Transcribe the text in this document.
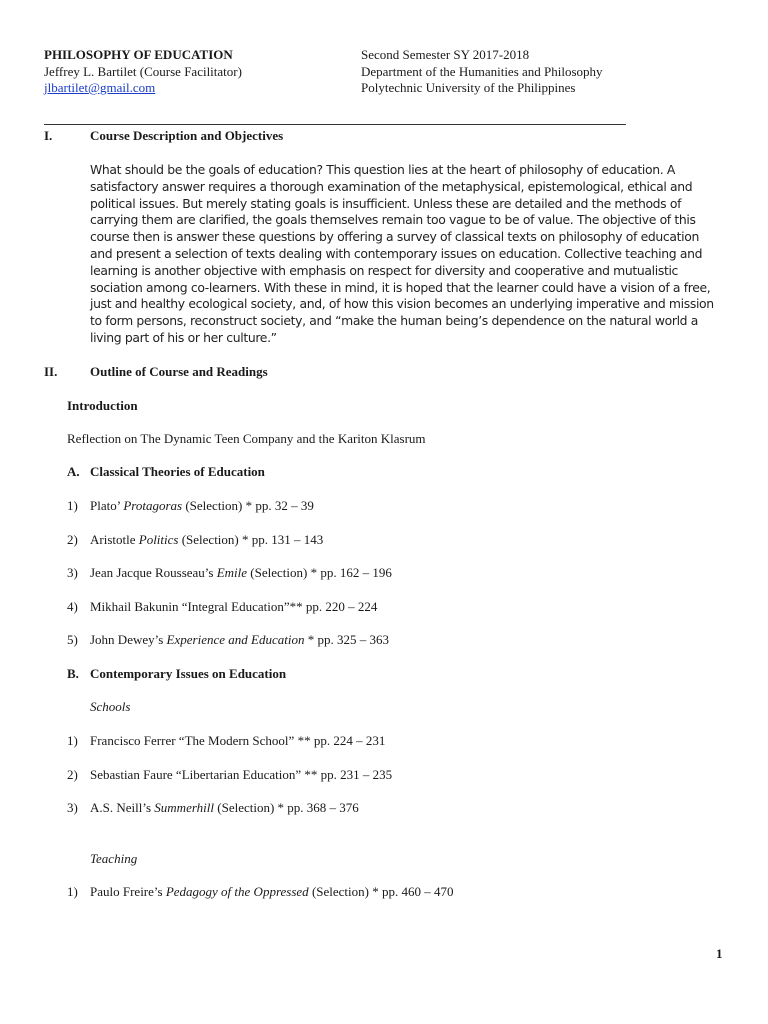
PHILOSOPHY OF EDUCATION
Jeffrey L. Bartilet (Course Facilitator)
jlbartilet@gmail.com
Second Semester SY 2017-2018
Department of the Humanities and Philosophy
Polytechnic University of the Philippines
I.	Course Description and Objectives

What should be the goals of education? This question lies at the heart of philosophy of education. A satisfactory answer requires a thorough examination of the metaphysical, epistemological, ethical and political issues. But merely stating goals is insufficient. Unless these are detailed and the methods of carrying them are clarified, the goals themselves remain too vague to be of value. The objective of this course then is answer these questions by offering a survey of classical texts on philosophy of education and present a selection of texts dealing with contemporary issues on education. Collective teaching and learning is another objective with emphasis on respect for diversity and cooperative and mutualistic sociation among co-learners. With these in mind, it is hoped that the learner could have a vision of a free, just and healthy ecological society, and, of how this vision becomes an underlying imperative and mission to form persons, reconstruct society, and “make the human being’s dependence on the natural world a living part of his or her culture.”

II.	Outline of Course and Readings
Introduction
Reflection on The Dynamic Teen Company and the Kariton Klasrum
A. Classical Theories of Education
1) Plato’ Protagoras (Selection) * pp. 32 – 39
2) Aristotle Politics (Selection) * pp. 131 – 143
3) Jean Jacque Rousseau’s Emile (Selection) * pp. 162 – 196
4) Mikhail Bakunin “Integral Education”** pp. 220 – 224
5) John Dewey’s Experience and Education * pp. 325 – 363
B. Contemporary Issues on Education
Schools
1) Francisco Ferrer “The Modern School” ** pp. 224 – 231
2) Sebastian Faure “Libertarian Education” ** pp. 231 – 235
3) A.S. Neill’s Summerhill (Selection) * pp. 368 – 376
Teaching
1) Paulo Freire’s Pedagogy of the Oppressed (Selection) * pp. 460 – 470
1
